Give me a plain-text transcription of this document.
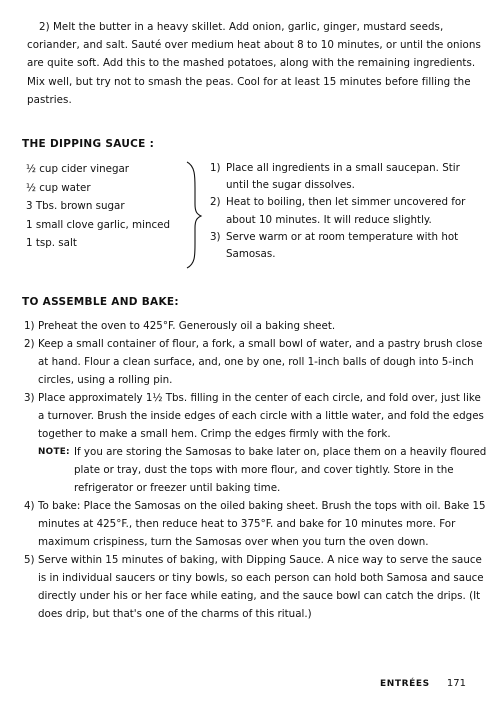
2) Melt the butter in a heavy skillet. Add onion, garlic, ginger, mustard seeds, coriander, and salt. Sauté over medium heat about 8 to 10 minutes, or until the onions are quite soft. Add this to the mashed potatoes, along with the remaining ingredients. Mix well, but try not to smash the peas. Cool for at least 15 minutes before filling the pastries.
THE DIPPING SAUCE :
½ cup cider vinegar
½ cup water
3 Tbs. brown sugar
1 small clove garlic, minced
1 tsp. salt
1) Place all ingredients in a small saucepan. Stir until the sugar dissolves.
2) Heat to boiling, then let simmer uncovered for about 10 minutes. It will reduce slightly.
3) Serve warm or at room temperature with hot Samosas.
TO ASSEMBLE AND BAKE:
1) Preheat the oven to 425°F. Generously oil a baking sheet.
2) Keep a small container of flour, a fork, a small bowl of water, and a pastry brush close at hand. Flour a clean surface, and, one by one, roll 1-inch balls of dough into 5-inch circles, using a rolling pin.
3) Place approximately 1½ Tbs. filling in the center of each circle, and fold over, just like a turnover. Brush the inside edges of each circle with a little water, and fold the edges together to make a small hem. Crimp the edges firmly with the fork.
NOTE: If you are storing the Samosas to bake later on, place them on a heavily floured plate or tray, dust the tops with more flour, and cover tightly. Store in the refrigerator or freezer until baking time.
4) To bake: Place the Samosas on the oiled baking sheet. Brush the tops with oil. Bake 15 minutes at 425°F., then reduce heat to 375°F. and bake for 10 minutes more. For maximum crispiness, turn the Samosas over when you turn the oven down.
5) Serve within 15 minutes of baking, with Dipping Sauce. A nice way to serve the sauce is in individual saucers or tiny bowls, so each person can hold both Samosa and sauce directly under his or her face while eating, and the sauce bowl can catch the drips. (It does drip, but that's one of the charms of this ritual.)
ENTRÉES 171
